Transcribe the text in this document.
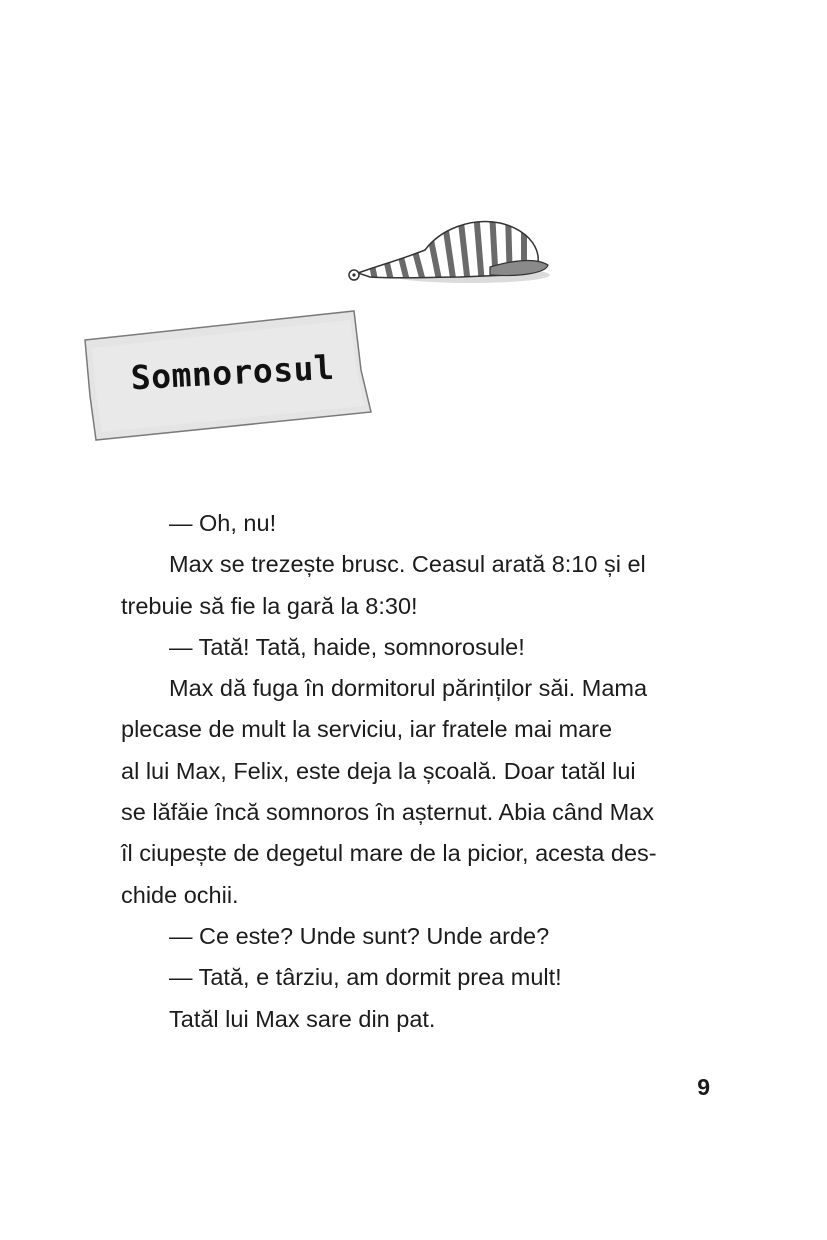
Somnorosul
— Oh, nu!
Max se trezește brusc. Ceasul arată 8:10 și el
trebuie să fie la gară la 8:30!
— Tată! Tată, haide, somnorosule!
Max dă fuga în dormitorul părinților săi. Mama
plecase de mult la serviciu, iar fratele mai mare
al lui Max, Felix, este deja la școală. Doar tatăl lui
se lăfăie încă somnoros în așternut. Abia când Max
îl ciupește de degetul mare de la picior, acesta des-
chide ochii.
— Ce este? Unde sunt? Unde arde?
— Tată, e târziu, am dormit prea mult!
Tatăl lui Max sare din pat.
9
